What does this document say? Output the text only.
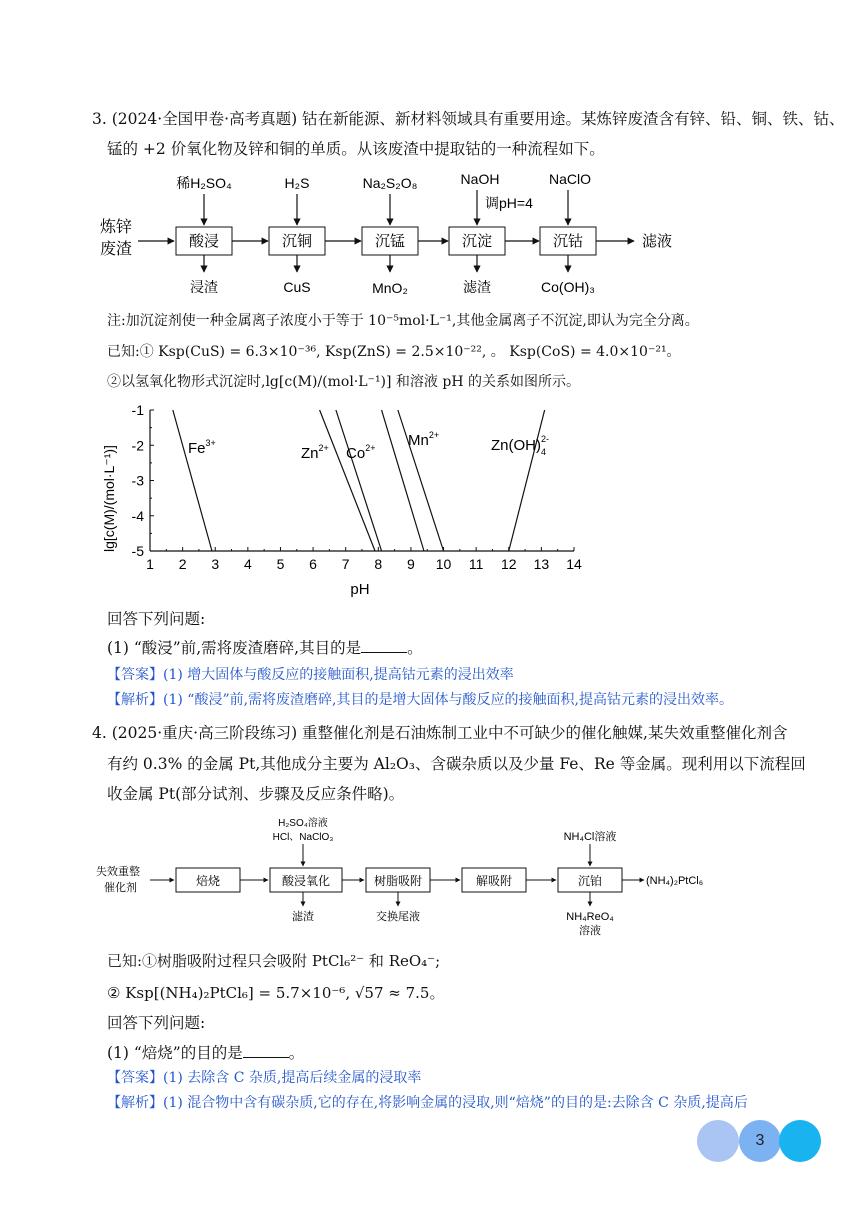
3. (2024·全国甲卷·高考真题) 钴在新能源、新材料领域具有重要用途。某炼锌废渣含有锌、铅、铜、铁、钴、
锰的 +2 价氧化物及锌和铜的单质。从该废渣中提取钴的一种流程如下。
炼锌
废渣	酸浸	沉铜	沉锰	沉淀	沉钴	滤液
稀H₂SO₄	H₂S	Na₂S₂O₈	NaOH
调pH=4
NaClO
浸渣	CuS	MnO₂	滤渣	Co(OH)₃
注:加沉淀剂使一种金属离子浓度小于等于 10⁻⁵mol·L⁻¹,其他金属离子不沉淀,即认为完全分离。
已知:① Ksp(CuS) = 6.3×10⁻³⁶, Ksp(ZnS) = 2.5×10⁻²², 。 Ksp(CoS) = 4.0×10⁻²¹。
②以氢氧化物形式沉淀时,lg[c(M)/(mol·L⁻¹)] 和溶液 pH 的关系如图所示。
1 2 3 4 5 6 7 8 9 10 11 12 13 14
-1
-2
-3
-4
-5
lg[c(M)/(mol·L⁻¹)]
pH
$Fe^{3+}$
$Zn^{2+}$ $Co^{2+}$ $Mn^{2+}$
$Zn(OH)_42-$
回答下列问题:
(1) “酸浸”前,需将废渣磨碎,其目的是	。
【答案】(1) 增大固体与酸反应的接触面积,提高钴元素的浸出效率
【解析】(1) “酸浸”前,需将废渣磨碎,其目的是增大固体与酸反应的接触面积,提高钴元素的浸出效率。
4. (2025·重庆·高三阶段练习) 重整催化剂是石油炼制工业中不可缺少的催化触媒,某失效重整催化剂含
有约 0.3% 的金属 Pt,其他成分主要为 Al₂O₃、含碳杂质以及少量 Fe、Re 等金属。现利用以下流程回
收金属 Pt(部分试剂、步骤及反应条件略)。
失效重整
催化剂	焙烧	酸浸氧化	树脂吸附	解吸附	沉铂	(NH₄)₂PtCl₆
H₂SO₄溶液
HCl、NaClO₃	NH₄Cl溶液
滤渣	交换尾液	NH₄ReO₄
溶液
已知:①树脂吸附过程只会吸附 PtCl₆²⁻ 和 ReO₄⁻;
② Ksp[(NH₄)₂PtCl₆] = 5.7×10⁻⁶, √57 ≈ 7.5。
回答下列问题:
(1) “焙烧”的目的是	。
【答案】(1) 去除含 C 杂质,提高后续金属的浸取率
【解析】(1) 混合物中含有碳杂质,它的存在,将影响金属的浸取,则“焙烧”的目的是:去除含 C 杂质,提高后
3
